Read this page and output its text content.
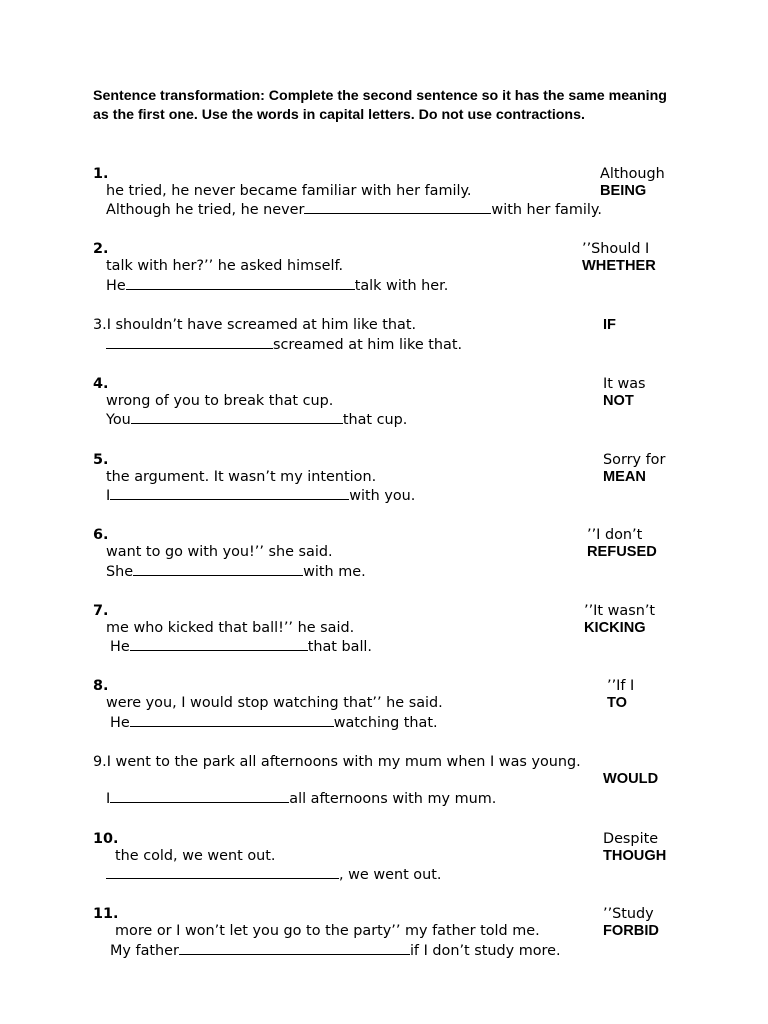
Sentence transformation: Complete the second sentence so it has the same meaning as the first one. Use the words in capital letters. Do not use contractions.
1.	Although
he tried, he never became familiar with her family.	BEING
Although he tried, he never	with her family.
2.	’’Should I
talk with her?’’ he asked himself.	WHETHER
He	talk with her.
3.I shouldn’t have screamed at him like that.	IF
screamed at him like that.
4.	It was
wrong of you to break that cup.	NOT
You	that cup.
5.	Sorry for
the argument. It wasn’t my intention.	MEAN
I	with you.
6.	’’I don’t
want to go with you!’’ she said.	REFUSED
She	with me.
7.	’’It wasn’t
me who kicked that ball!’’ he said.	KICKING
He	that ball.
8.	’’If I
were you, I would stop watching that’’ he said.	TO
He	watching that.
9.I went to the park all afternoons with my mum when I was young.
WOULD
I	all afternoons with my mum.
10.	Despite
the cold, we went out.	THOUGH
, we went out.
11.	’’Study
more or I won’t let you go to the party’’ my father told me.	FORBID
My father	if I don’t study more.
